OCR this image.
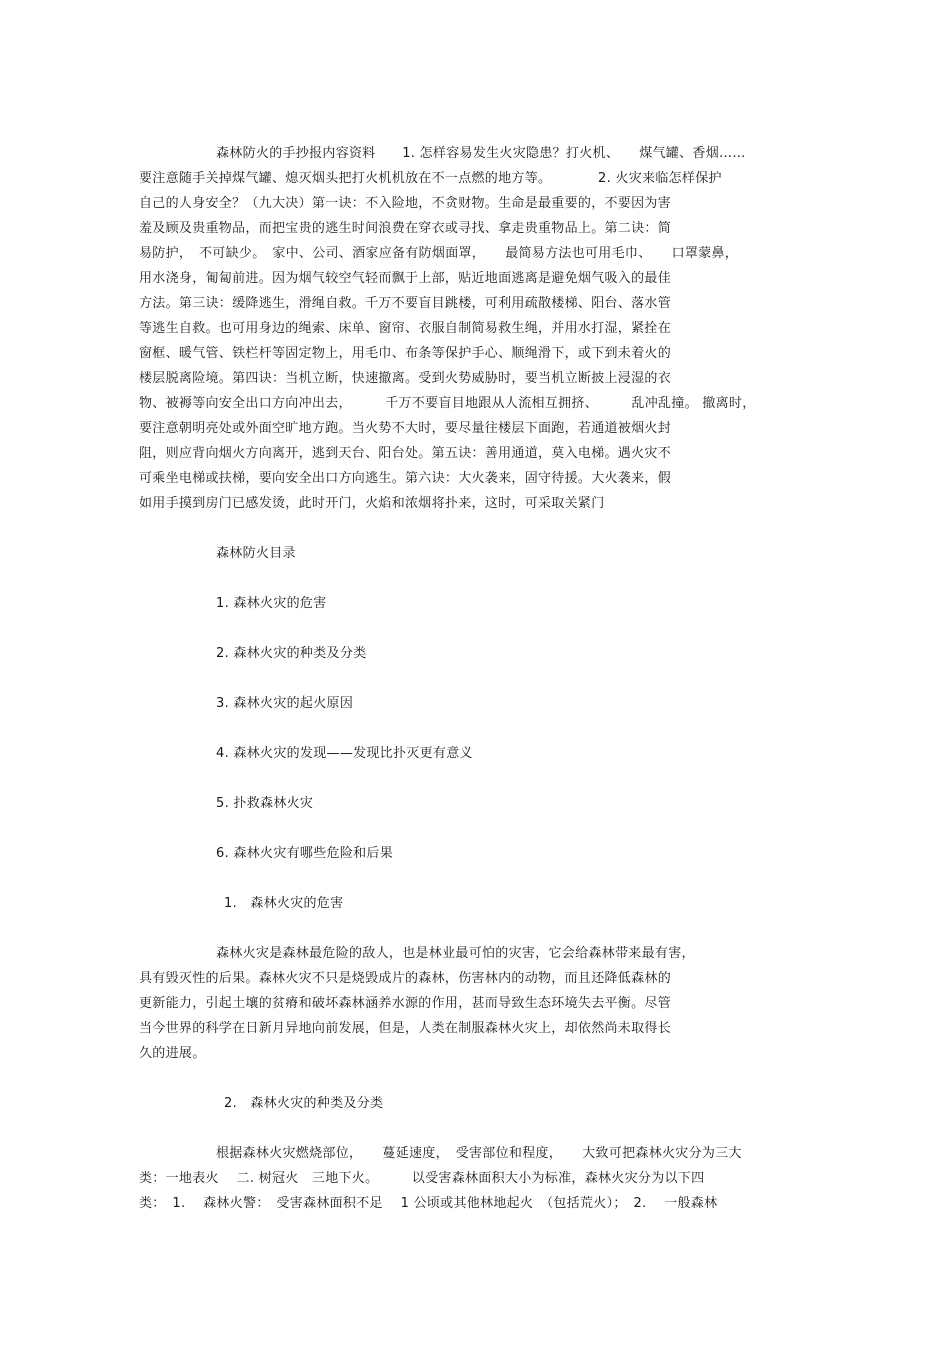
森林防火的手抄报内容资料　　1. 怎样容易发生火灾隐患？打火机、　　煤气罐、香烟……
要注意随手关掉煤气罐、熄灭烟头把打火机机放在不一点燃的地方等。　　　　2. 火灾来临怎样保护
自己的人身安全？（九大决）第一诀：不入险地，不贪财物。生命是最重要的，不要因为害
羞及顾及贵重物品，而把宝贵的逃生时间浪费在穿衣或寻找、拿走贵重物品上。第二诀：简
易防护，　不可缺少。　家中、公司、酒家应备有防烟面罩，　　最简易方法也可用毛巾、　　口罩蒙鼻，
用水浇身，匍匐前进。因为烟气较空气轻而飘于上部，贴近地面逃离是避免烟气吸入的最佳
方法。第三诀：缓降逃生，滑绳自救。千万不要盲目跳楼，可利用疏散楼梯、阳台、落水管
等逃生自救。也可用身边的绳索、床单、窗帘、衣服自制简易救生绳，并用水打湿，紧拴在
窗框、暖气管、铁栏杆等固定物上，用毛巾、布条等保护手心、顺绳滑下，或下到未着火的
楼层脱离险境。第四诀：当机立断，快速撤离。受到火势威胁时，要当机立断披上浸湿的衣
物、被褥等向安全出口方向冲出去，　　　千万不要盲目地跟从人流相互拥挤、　　　乱冲乱撞。 撤离时，
要注意朝明亮处或外面空旷地方跑。当火势不大时，要尽量往楼层下面跑，若通道被烟火封
阻，则应背向烟火方向离开，逃到天台、阳台处。第五诀：善用通道，莫入电梯。遇火灾不
可乘坐电梯或扶梯，要向安全出口方向逃生。第六诀：大火袭来，固守待援。大火袭来，假
如用手摸到房门已感发烫，此时开门，火焰和浓烟将扑来，这时，可采取关紧门
森林防火目录
1. 森林火灾的危害
2. 森林火灾的种类及分类
3. 森林火灾的起火原因
4. 森林火灾的发现——发现比扑灭更有意义
5. 扑救森林火灾
6. 森林火灾有哪些危险和后果
1.　森林火灾的危害
森林火灾是森林最危险的敌人，也是林业最可怕的灾害，它会给森林带来最有害，
具有毁灭性的后果。森林火灾不只是烧毁成片的森林，伤害林内的动物，而且还降低森林的
更新能力，引起土壤的贫瘠和破坏森林涵养水源的作用，甚而导致生态环境失去平衡。尽管
当今世界的科学在日新月异地向前发展，但是，人类在制服森林火灾上，却依然尚未取得长
久的进展。
2.　森林火灾的种类及分类
根据森林火灾燃烧部位，　　蔓延速度，　受害部位和程度，　　大致可把森林火灾分为三大
类：一地表火　 二. 树冠火　三地下火。　　　以受害森林面积大小为标准，森林火灾分为以下四
类：　1.　 森林火警：　受害森林面积不足　 1 公顷或其他林地起火　（包括荒火）；　2.　 一般森林
